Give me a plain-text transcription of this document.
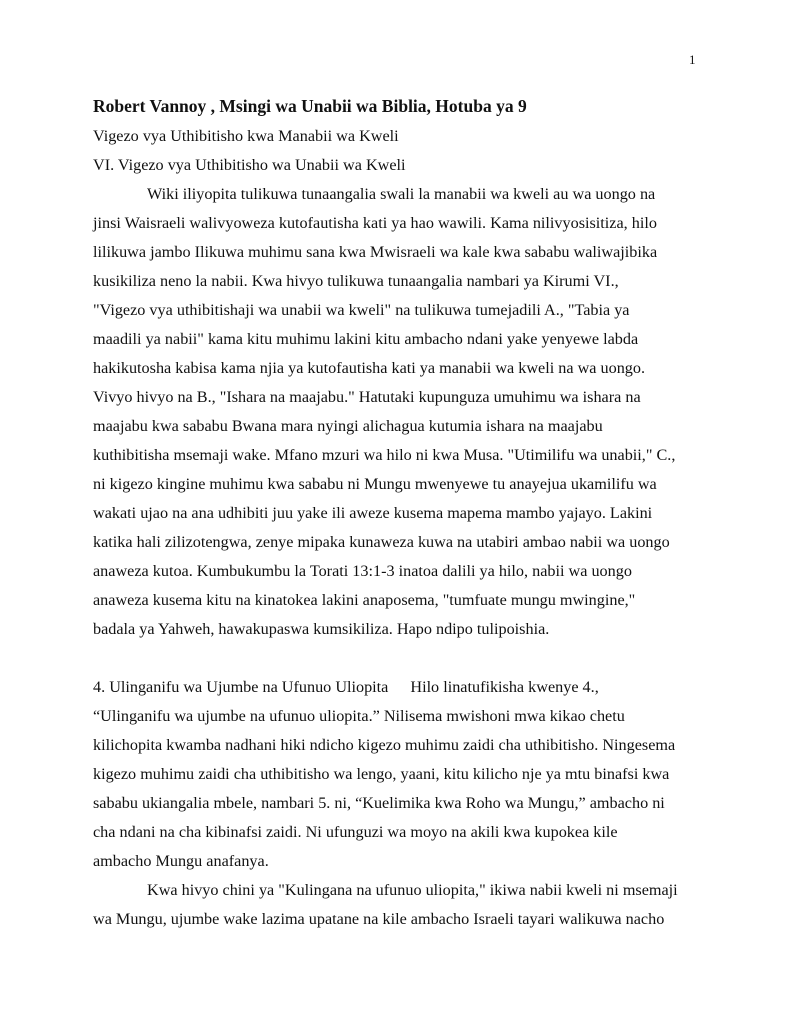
1

Robert Vannoy , Msingi wa Unabii wa Biblia, Hotuba ya 9

Vigezo vya Uthibitisho kwa Manabii wa Kweli

VI. Vigezo vya Uthibitisho wa Unabii wa Kweli

Wiki iliyopita tulikuwa tunaangalia swali la manabii wa kweli au wa uongo na

jinsi Waisraeli walivyoweza kutofautisha kati ya hao wawili. Kama nilivyosisitiza, hilo

lilikuwa jambo Ilikuwa muhimu sana kwa Mwisraeli wa kale kwa sababu waliwajibika

kusikiliza neno la nabii. Kwa hivyo tulikuwa tunaangalia nambari ya Kirumi VI.,

"Vigezo vya uthibitishaji wa unabii wa kweli" na tulikuwa tumejadili A., "Tabia ya

maadili ya nabii" kama kitu muhimu lakini kitu ambacho ndani yake yenyewe labda

hakikutosha kabisa kama njia ya kutofautisha kati ya manabii wa kweli na wa uongo.

Vivyo hivyo na B., "Ishara na maajabu." Hatutaki kupunguza umuhimu wa ishara na

maajabu kwa sababu Bwana mara nyingi alichagua kutumia ishara na maajabu

kuthibitisha msemaji wake. Mfano mzuri wa hilo ni kwa Musa. "Utimilifu wa unabii," C.,

ni kigezo kingine muhimu kwa sababu ni Mungu mwenyewe tu anayejua ukamilifu wa

wakati ujao na ana udhibiti juu yake ili aweze kusema mapema mambo yajayo. Lakini

katika hali zilizotengwa, zenye mipaka kunaweza kuwa na utabiri ambao nabii wa uongo

anaweza kutoa. Kumbukumbu la Torati 13:1-3 inatoa dalili ya hilo, nabii wa uongo

anaweza kusema kitu na kinatokea lakini anaposema, "tumfuate mungu mwingine,"

badala ya Yahweh, hawakupaswa kumsikiliza. Hapo ndipo tulipoishia.

4. Ulinganifu wa Ujumbe na Ufunuo Uliopita Hilo linatufikisha kwenye 4.,

“Ulinganifu wa ujumbe na ufunuo uliopita.” Nilisema mwishoni mwa kikao chetu

kilichopita kwamba nadhani hiki ndicho kigezo muhimu zaidi cha uthibitisho. Ningesema

kigezo muhimu zaidi cha uthibitisho wa lengo, yaani, kitu kilicho nje ya mtu binafsi kwa

sababu ukiangalia mbele, nambari 5. ni, “Kuelimika kwa Roho wa Mungu,” ambacho ni

cha ndani na cha kibinafsi zaidi. Ni ufunguzi wa moyo na akili kwa kupokea kile

ambacho Mungu anafanya.

Kwa hivyo chini ya "Kulingana na ufunuo uliopita," ikiwa nabii kweli ni msemaji

wa Mungu, ujumbe wake lazima upatane na kile ambacho Israeli tayari walikuwa nacho
